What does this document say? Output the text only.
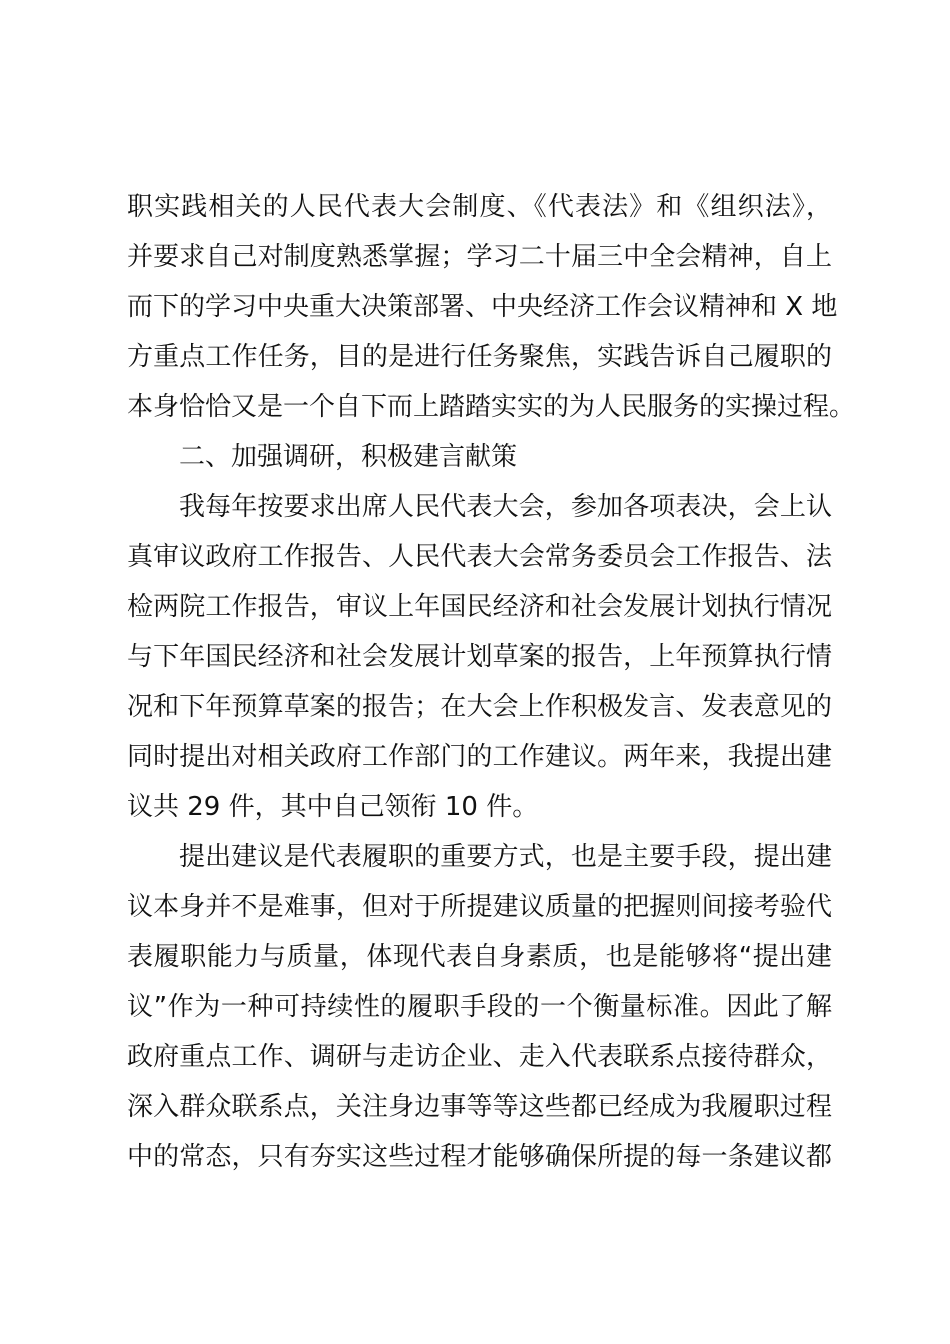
职实践相关的人民代表大会制度、《代表法》和《组织法》，
并要求自己对制度熟悉掌握；学习二十届三中全会精神，自上
而下的学习中央重大决策部署、中央经济工作会议精神和 X 地
方重点工作任务，目的是进行任务聚焦，实践告诉自己履职的
本身恰恰又是一个自下而上踏踏实实的为人民服务的实操过程。
二、加强调研，积极建言献策
我每年按要求出席人民代表大会，参加各项表决，会上认
真审议政府工作报告、人民代表大会常务委员会工作报告、法
检两院工作报告，审议上年国民经济和社会发展计划执行情况
与下年国民经济和社会发展计划草案的报告，上年预算执行情
况和下年预算草案的报告；在大会上作积极发言、发表意见的
同时提出对相关政府工作部门的工作建议。两年来，我提出建
议共 29 件，其中自己领衔 10 件。
提出建议是代表履职的重要方式，也是主要手段，提出建
议本身并不是难事，但对于所提建议质量的把握则间接考验代
表履职能力与质量，体现代表自身素质，也是能够将“提出建
议”作为一种可持续性的履职手段的一个衡量标准。因此了解
政府重点工作、调研与走访企业、走入代表联系点接待群众，
深入群众联系点，关注身边事等等这些都已经成为我履职过程
中的常态，只有夯实这些过程才能够确保所提的每一条建议都
